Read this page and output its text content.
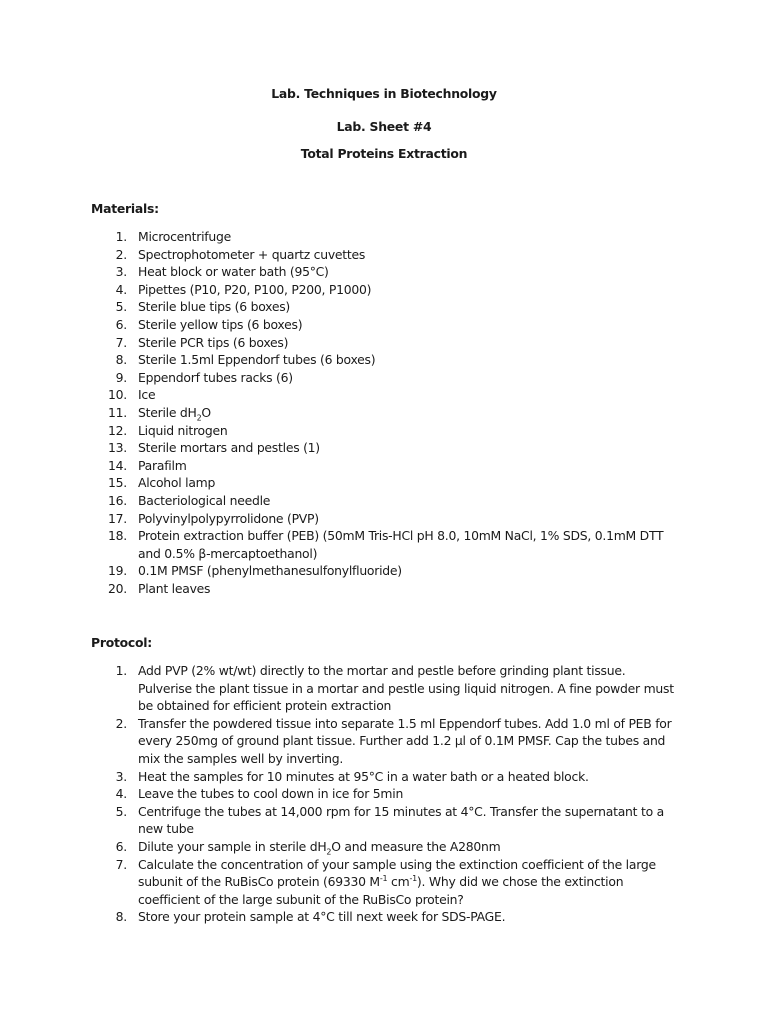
Lab. Techniques in Biotechnology
Lab. Sheet #4
Total Proteins Extraction
Materials:
1. Microcentrifuge
2. Spectrophotometer + quartz cuvettes
3. Heat block or water bath (95°C)
4. Pipettes (P10, P20, P100, P200, P1000)
5. Sterile blue tips (6 boxes)
6. Sterile yellow tips (6 boxes)
7. Sterile PCR tips (6 boxes)
8. Sterile 1.5ml Eppendorf tubes (6 boxes)
9. Eppendorf tubes racks (6)
10. Ice
11. Sterile $dH_2O$
12. Liquid nitrogen
13. Sterile mortars and pestles (1)
14. Parafilm
15. Alcohol lamp
16. Bacteriological needle
17. Polyvinylpolypyrrolidone (PVP)
18. Protein extraction buffer (PEB) (50mM Tris-HCl pH 8.0, 10mM NaCl, 1% SDS, 0.1mM DTT and 0.5% β-mercaptoethanol)
19. 0.1M PMSF (phenylmethanesulfonylfluoride)
20. Plant leaves
Protocol:
1. Add PVP (2% wt/wt) directly to the mortar and pestle before grinding plant tissue. Pulverise the plant tissue in a mortar and pestle using liquid nitrogen. A fine powder must be obtained for efficient protein extraction
2. Transfer the powdered tissue into separate 1.5 ml Eppendorf tubes. Add 1.0 ml of PEB for every 250mg of ground plant tissue. Further add 1.2 µl of 0.1M PMSF. Cap the tubes and mix the samples well by inverting.
3. Heat the samples for 10 minutes at 95°C in a water bath or a heated block.
4. Leave the tubes to cool down in ice for 5min
5. Centrifuge the tubes at 14,000 rpm for 15 minutes at 4°C. Transfer the supernatant to a new tube
6. Dilute your sample in sterile $dH_2O$ and measure the A280nm
7. Calculate the concentration of your sample using the extinction coefficient of the large subunit of the RuBisCo protein (69330 $M^{-1}$ $cm^{-1}$). Why did we chose the extinction coefficient of the large subunit of the RuBisCo protein?
8. Store your protein sample at 4°C till next week for SDS-PAGE.
